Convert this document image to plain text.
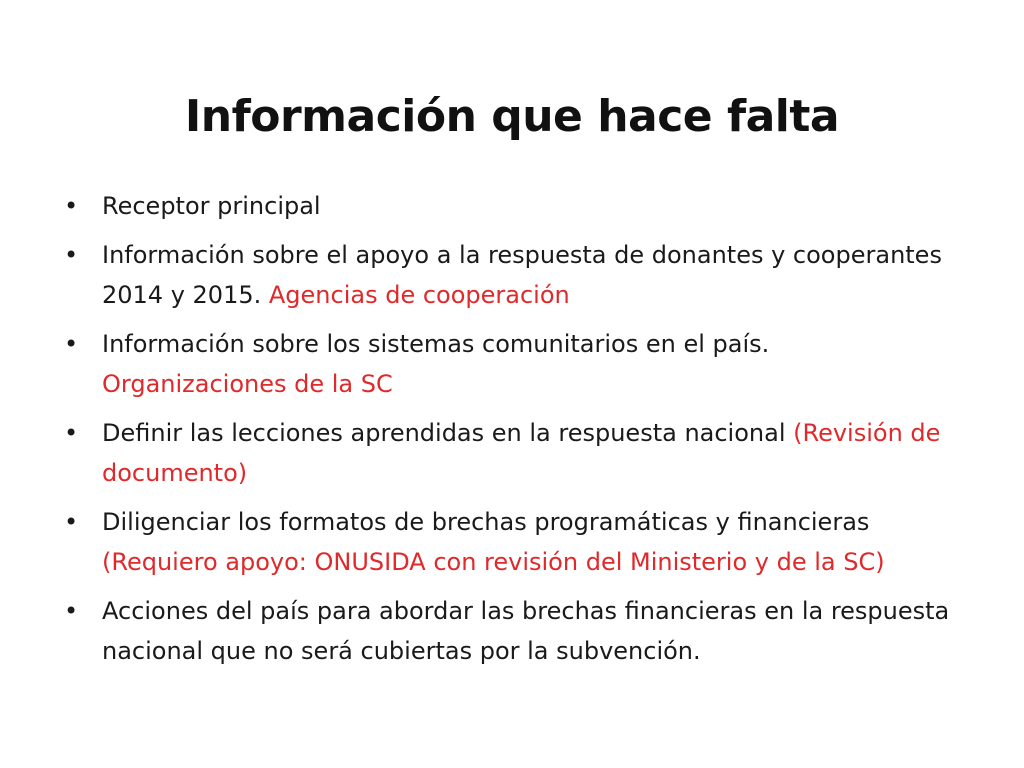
Información que hace falta
• Receptor principal
• Información sobre el apoyo a la respuesta de donantes y cooperantes 2014 y 2015. Agencias de cooperación
• Información sobre los sistemas comunitarios en el país. Organizaciones de la SC
• Definir las lecciones aprendidas en la respuesta nacional (Revisión de documento)
• Diligenciar los formatos de brechas programáticas y financieras (Requiero apoyo: ONUSIDA con revisión del Ministerio y de la SC)
• Acciones del país para abordar las brechas financieras en la respuesta nacional que no será cubiertas por la subvención.
